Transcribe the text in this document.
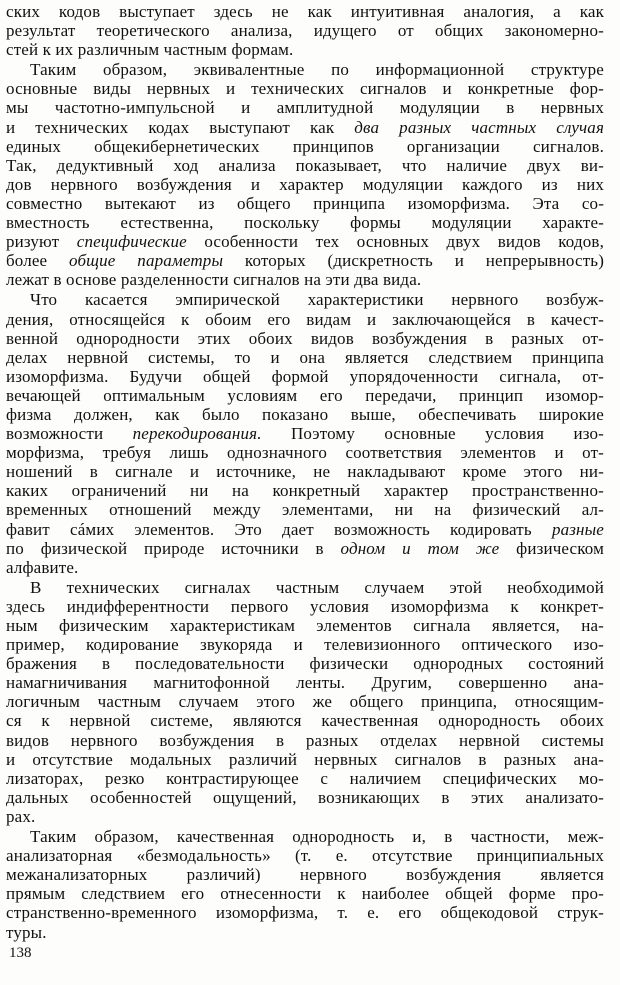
ских кодов выступает здесь не как интуитивная аналогия, а как
результат теоретического анализа, идущего от общих закономерно-
стей к их различным частным формам.
Таким образом, эквивалентные по информационной структуре
основные виды нервных и технических сигналов и конкретные фор-
мы частотно-импульсной и амплитудной модуляции в нервных
и технических кодах выступают как два разных частных случая
единых общекибернетических принципов организации сигналов.
Так, дедуктивный ход анализа показывает, что наличие двух ви-
дов нервного возбуждения и характер модуляции каждого из них
совместно вытекают из общего принципа изоморфизма. Эта со-
вместность естественна, поскольку формы модуляции характе-
ризуют специфические особенности тех основных двух видов кодов,
более общие параметры которых (дискретность и непрерывность)
лежат в основе разделенности сигналов на эти два вида.
Что касается эмпирической характеристики нервного возбуж-
дения, относящейся к обоим его видам и заключающейся в качест-
венной однородности этих обоих видов возбуждения в разных от-
делах нервной системы, то и она является следствием принципа
изоморфизма. Будучи общей формой упорядоченности сигнала, от-
вечающей оптимальным условиям его передачи, принцип изомор-
физма должен, как было показано выше, обеспечивать широкие
возможности перекодирования. Поэтому основные условия изо-
морфизма, требуя лишь однозначного соответствия элементов и от-
ношений в сигнале и источнике, не накладывают кроме этого ни-
каких ограничений ни на конкретный характер пространственно-
временных отношений между элементами, ни на физический ал-
фавит сáмих элементов. Это дает возможность кодировать разные
по физической природе источники в одном и том же физическом
алфавите.
В технических сигналах частным случаем этой необходимой
здесь индифферентности первого условия изоморфизма к конкрет-
ным физическим характеристикам элементов сигнала является, на-
пример, кодирование звукоряда и телевизионного оптического изо-
бражения в последовательности физически однородных состояний
намагничивания магнитофонной ленты. Другим, совершенно ана-
логичным частным случаем этого же общего принципа, относящим-
ся к нервной системе, являются качественная однородность обоих
видов нервного возбуждения в разных отделах нервной системы
и отсутствие модальных различий нервных сигналов в разных ана-
лизаторах, резко контрастирующее с наличием специфических мо-
дальных особенностей ощущений, возникающих в этих анализато-
рах.
Таким образом, качественная однородность и, в частности, меж-
анализаторная «безмодальность» (т. е. отсутствие принципиальных
межанализаторных различий) нервного возбуждения является
прямым следствием его отнесенности к наиболее общей форме про-
странственно-временного изоморфизма, т. е. его общекодовой струк-
туры.
138
